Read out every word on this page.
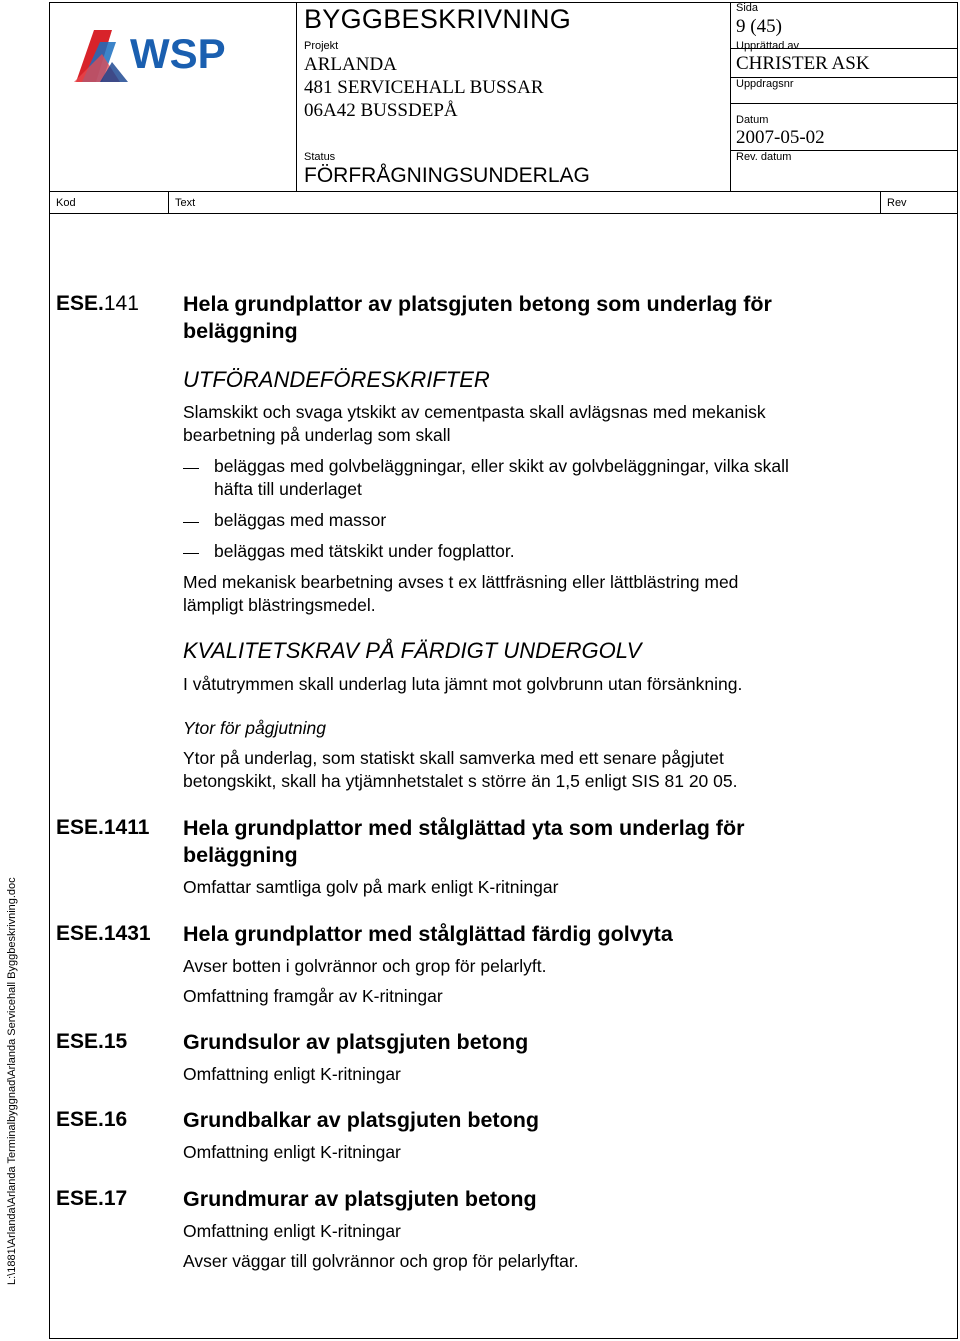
WSP
BYGGBESKRIVNING
Projekt
ARLANDA
481 SERVICEHALL BUSSAR
06A42 BUSSDEPÅ
Status
FÖRFRÅGNINGSUNDERLAG
Sida
9 (45)
Upprättad av
CHRISTER ASK
Uppdragsnr
Datum
2007-05-02
Rev. datum
Kod	Text	Rev
L:\1881\Arlanda\Arlanda Terminalbyggnad\Arlanda Servicehall Byggbeskrivning.doc
ESE.141 Hela grundplattor av platsgjuten betong som underlag för
beläggning
UTFÖRANDEFÖRESKRIFTER
Slamskikt och svaga ytskikt av cementpasta skall avlägsnas med mekanisk
bearbetning på underlag som skall
beläggas med golvbeläggningar, eller skikt av golvbeläggningar, vilka skall
häfta till underlaget
beläggas med massor
beläggas med tätskikt under fogplattor.
Med mekanisk bearbetning avses t ex lättfräsning eller lättblästring med
lämpligt blästringsmedel.
KVALITETSKRAV PÅ FÄRDIGT UNDERGOLV
I våtutrymmen skall underlag luta jämnt mot golvbrunn utan försänkning.
Ytor för pågjutning
Ytor på underlag, som statiskt skall samverka med ett senare pågjutet
betongskikt, skall ha ytjämnhetstalet s större än 1,5 enligt SIS 81 20 05.
ESE.1411 Hela grundplattor med stålglättad yta som underlag för
beläggning
Omfattar samtliga golv på mark enligt K-ritningar
ESE.1431 Hela grundplattor med stålglättad färdig golvyta
Avser botten i golvrännor och grop för pelarlyft.
Omfattning framgår av K-ritningar
ESE.15	Grundsulor av platsgjuten betong
Omfattning enligt K-ritningar
ESE.16	Grundbalkar av platsgjuten betong
Omfattning enligt K-ritningar
ESE.17	Grundmurar av platsgjuten betong
Omfattning enligt K-ritningar
Avser väggar till golvrännor och grop för pelarlyftar.
